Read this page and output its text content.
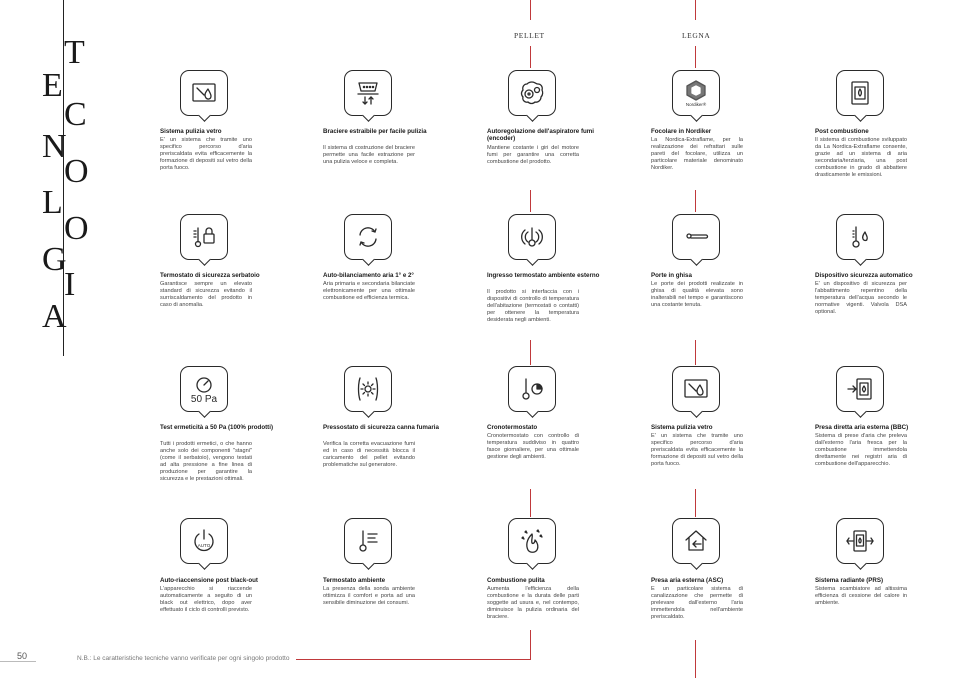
E
N
L
G
A
T
C
O
O
I
PELLET	LEGNA
Sistema pulizia vetro
E' un sistema che tramite uno specifico percorso d'aria preriscaldata evita efficacemente la formazione di depositi sul vetro della porta fuoco.
Braciere estraibile per facile pulizia
Il sistema di costruzione del braciere permette una facile estrazione per una pulizia veloce e completa.
Autoregolazione dell'aspiratore fumi (encoder)
Mantiene costante i giri del motore fumi per garantire una corretta combustione del prodotto.
Nordiker®
Focolare in Nordiker
La Nordica-Extraflame, per la realizzazione dei refrattari sulle pareti del focolare, utilizza un particolare materiale denominato Nordiker.
Post combustione
Il sistema di combustione sviluppato da La Nordica-Extraflame consente, grazie ad un sistema di aria secondaria/terziaria, una post combustione in grado di abbattere drasticamente le emissioni.
Termostato di sicurezza serbatoio
Garantisce sempre un elevato standard di sicurezza evitando il surriscaldamento del prodotto in caso di anomalia.
Auto-bilanciamento aria 1° e 2°
Aria primaria e secondaria bilanciate elettronicamente per una ottimale combustione ed efficienza termica.
Ingresso termostato ambiente esterno
Il prodotto si interfaccia con i dispositivi di controllo di temperatura dell'abitazione (termostati o contatti) per ottenere la temperatura desiderata negli ambienti.
Porte in ghisa
Le porte dei prodotti realizzate in ghisa di qualità elevata sono inalterabili nel tempo e garantiscono una costante tenuta.
Dispositivo sicurezza automatico
E' un dispositivo di sicurezza per l'abbattimento repentino della temperatura dell'acqua secondo le normative vigenti. Valvola DSA optional.
50 Pa
Test ermeticità a 50 Pa (100% prodotti)
Tutti i prodotti ermetici, o che hanno anche solo dei componenti "stagni" (come il serbatoio), vengono testati ad alta pressione a fine linea di produzione per garantire la sicurezza e le prestazioni ottimali.
Pressostato di sicurezza canna fumaria
Verifica la corretta evacuazione fumi ed in caso di necessità blocca il caricamento del pellet evitando problematiche sul generatore.
Cronotermostato
Cronotermostato con controllo di temperatura suddiviso in quattro fasce giornaliere, per una ottimale gestione degli ambienti.
Sistema pulizia vetro
E' un sistema che tramite uno specifico percorso d'aria preriscaldata evita efficacemente la formazione di depositi sul vetro della porta fuoco.
Presa diretta aria esterna (BBC)
Sistema di prese d'aria che preleva dall'esterno l'aria fresca per la combustione immettendola direttamente nei registri aria di combustione dell'apparecchio.
AUTO
Auto-riaccensione post black-out
L'apparecchio si riaccende automaticamente a seguito di un black out elettrico, dopo aver effettuato il ciclo di controlli previsto.
Termostato ambiente
La presenza della sonda ambiente ottimizza il comfort e porta ad una sensibile diminuzione dei consumi.
Combustione pulita
Aumenta l'efficienza della combustione e la durata delle parti soggette ad usura e, nel contempo, diminuisce la pulizia ordinaria del braciere.
Presa aria esterna (ASC)
E un particolare sistema di canalizzazione che permette di prelevare dall'esterno l'aria immettendola nell'ambiente preriscaldato.
Sistema radiante (PRS)
Sistema scambiatore ad altissima efficienza di cessione del calore in ambiente.
50	N.B.: Le caratteristiche tecniche vanno verificate per ogni singolo prodotto
